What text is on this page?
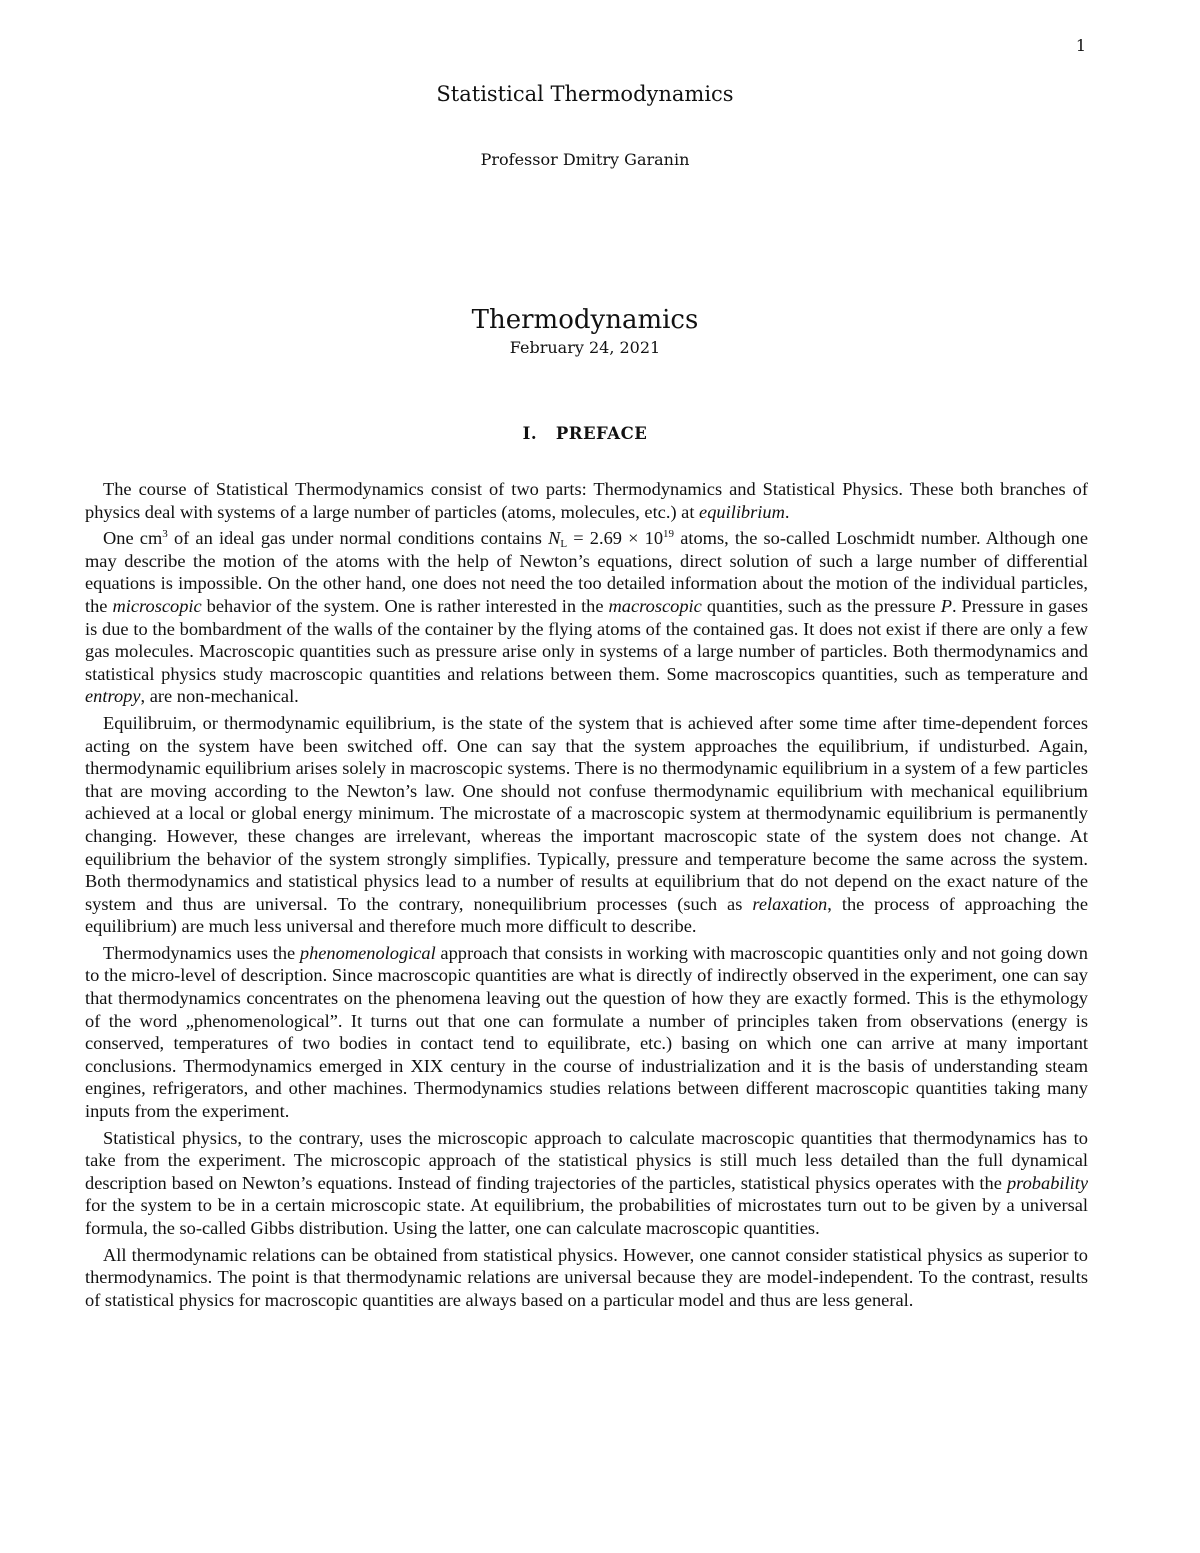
1
Statistical Thermodynamics
Professor Dmitry Garanin
Thermodynamics
February 24, 2021
I. PREFACE

The course of Statistical Thermodynamics consist of two parts: Thermodynamics and Statistical Physics. These both branches of physics deal with systems of a large number of particles (atoms, molecules, etc.) at equilibrium.

One $cm^3$ of an ideal gas under normal conditions contains $N_L = 2.69 \times 10^{19}$ atoms, the so-called Loschmidt number. Although one may describe the motion of the atoms with the help of Newton’s equations, direct solution of such a large number of differential equations is impossible. On the other hand, one does not need the too detailed information about the motion of the individual particles, the microscopic behavior of the system. One is rather interested in the macroscopic quantities, such as the pressure P. Pressure in gases is due to the bombardment of the walls of the container by the flying atoms of the contained gas. It does not exist if there are only a few gas molecules. Macroscopic quantities such as pressure arise only in systems of a large number of particles. Both thermodynamics and statistical physics study macroscopic quantities and relations between them. Some macroscopics quantities, such as temperature and entropy, are non-mechanical.

Equilibruim, or thermodynamic equilibrium, is the state of the system that is achieved after some time after time-dependent forces acting on the system have been switched off. One can say that the system approaches the equilibrium, if undisturbed. Again, thermodynamic equilibrium arises solely in macroscopic systems. There is no thermodynamic equilibrium in a system of a few particles that are moving according to the Newton’s law. One should not confuse thermodynamic equilibrium with mechanical equilibrium achieved at a local or global energy minimum. The microstate of a macroscopic system at thermodynamic equilibrium is permanently changing. However, these changes are irrelevant, whereas the important macroscopic state of the system does not change. At equilibrium the behavior of the system strongly simplifies. Typically, pressure and temperature become the same across the system. Both thermodynamics and statistical physics lead to a number of results at equilibrium that do not depend on the exact nature of the system and thus are universal. To the contrary, nonequilibrium processes (such as relaxation, the process of approaching the equilibrium) are much less universal and therefore much more difficult to describe.

Thermodynamics uses the phenomenological approach that consists in working with macroscopic quantities only and not going down to the micro-level of description. Since macroscopic quantities are what is directly of indirectly observed in the experiment, one can say that thermodynamics concentrates on the phenomena leaving out the question of how they are exactly formed. This is the ethymology of the word „phenomenological”. It turns out that one can formulate a number of principles taken from observations (energy is conserved, temperatures of two bodies in contact tend to equilibrate, etc.) basing on which one can arrive at many important conclusions. Thermodynamics emerged in XIX century in the course of industrialization and it is the basis of understanding steam engines, refrigerators, and other machines. Thermodynamics studies relations between different macroscopic quantities taking many inputs from the experiment.

Statistical physics, to the contrary, uses the microscopic approach to calculate macroscopic quantities that thermodynamics has to take from the experiment. The microscopic approach of the statistical physics is still much less detailed than the full dynamical description based on Newton’s equations. Instead of finding trajectories of the particles, statistical physics operates with the probability for the system to be in a certain microscopic state. At equilibrium, the probabilities of microstates turn out to be given by a universal formula, the so-called Gibbs distribution. Using the latter, one can calculate macroscopic quantities.

All thermodynamic relations can be obtained from statistical physics. However, one cannot consider statistical physics as superior to thermodynamics. The point is that thermodynamic relations are universal because they are model-independent. To the contrast, results of statistical physics for macroscopic quantities are always based on a particular model and thus are less general.
